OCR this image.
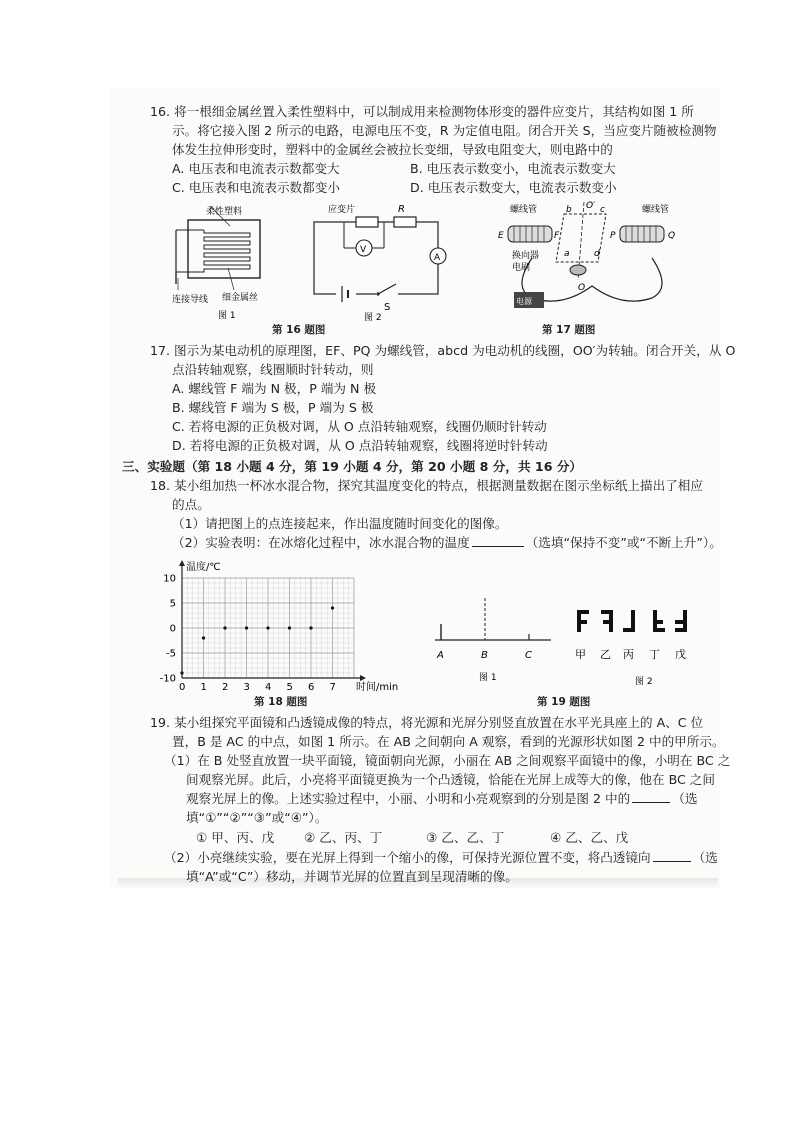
16. 将一根细金属丝置入柔性塑料中，可以制成用来检测物体形变的器件应变片，其结构如图 1 所
示。将它接入图 2 所示的电路，电源电压不变，R 为定值电阻。闭合开关 S，当应变片随被检测物
体发生拉伸形变时，塑料中的金属丝会被拉长变细，导致电阻变大，则电路中的
A. 电压表和电流表示数都变大	B. 电压表示数变小，电流表示数变大
C. 电压表和电流表示数都变小	D. 电压表示数变大，电流表示数变小
柔性塑料
连接导线 细金属丝
图 1
应变片	R
V
A
S
图 2
第 16 题图
电源
螺线管	螺线管
E	F	P	Q
b	c
O′
a	d
O
换向器
电刷
第 17 题图
17. 图示为某电动机的原理图，EF、PQ 为螺线管，abcd 为电动机的线圈，OO′为转轴。闭合开关，从 O
点沿转轴观察，线圈顺时针转动，则
A. 螺线管 F 端为 N 极，P 端为 N 极
B. 螺线管 F 端为 S 极，P 端为 S 极
C. 若将电源的正负极对调，从 O 点沿转轴观察，线圈仍顺时针转动
D. 若将电源的正负极对调，从 O 点沿转轴观察，线圈将逆时针转动
三、实验题（第 18 小题 4 分，第 19 小题 4 分，第 20 小题 8 分，共 16 分）
18. 某小组加热一杯冰水混合物，探究其温度变化的特点，根据测量数据在图示坐标纸上描出了相应
的点。
（1）请把图上的点连接起来，作出温度随时间变化的图像。
（2）实验表明：在冰熔化过程中，冰水混合物的温度	（选填“保持不变”或“不断上升”）。
0 1 2 3 4 5 6 7
-10
-5
0
5
10
温度/℃
时间/min
第 18 题图
A	B	C
图 1
甲 乙 丙 丁 戊
图 2
第 19 题图
19. 某小组探究平面镜和凸透镜成像的特点，将光源和光屏分别竖直放置在水平光具座上的 A、C 位
置，B 是 AC 的中点，如图 1 所示。在 AB 之间朝向 A 观察，看到的光源形状如图 2 中的甲所示。
（1）在 B 处竖直放置一块平面镜，镜面朝向光源，小丽在 AB 之间观察平面镜中的像，小明在 BC 之
间观察光屏。此后，小亮将平面镜更换为一个凸透镜，恰能在光屏上成等大的像，他在 BC 之间
观察光屏上的像。上述实验过程中，小丽、小明和小亮观察到的分别是图 2 中的	（选
填“①”“②”“③”或“④”）。
① 甲、丙、戊 ② 乙、丙、丁	③ 乙、乙、丁	④ 乙、乙、戊
（2）小亮继续实验，要在光屏上得到一个缩小的像，可保持光源位置不变，将凸透镜向	（选
填“A”或“C”）移动，并调节光屏的位置直到呈现清晰的像。
